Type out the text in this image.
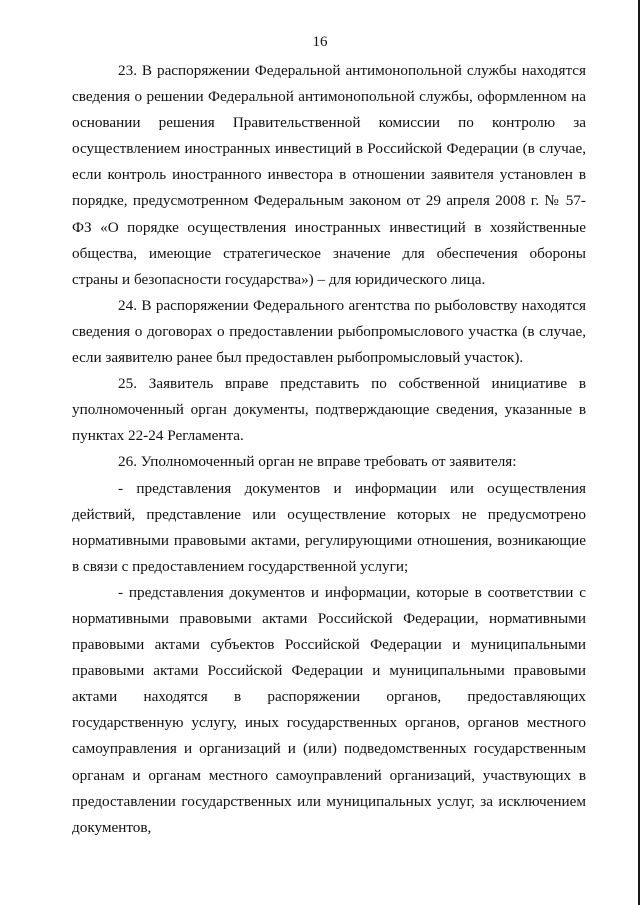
16

23. В распоряжении Федеральной антимонопольной службы находятся сведения о решении Федеральной антимонопольной службы, оформленном на основании решения Правительственной комиссии по контролю за осуществлением иностранных инвестиций в Российской Федерации (в случае, если контроль иностранного инвестора в отношении заявителя установлен в порядке, предусмотренном Федеральным законом от 29 апреля 2008 г. № 57-ФЗ «О порядке осуществления иностранных инвестиций в хозяйственные общества, имеющие стратегическое значение для обеспечения обороны страны и безопасности государства») – для юридического лица.

24. В распоряжении Федерального агентства по рыболовству находятся сведения о договорах о предоставлении рыбопромыслового участка (в случае, если заявителю ранее был предоставлен рыбопромысловый участок).

25. Заявитель вправе представить по собственной инициативе в уполномоченный орган документы, подтверждающие сведения, указанные в пунктах 22-24 Регламента.

26. Уполномоченный орган не вправе требовать от заявителя:

- представления документов и информации или осуществления действий, представление или осуществление которых не предусмотрено нормативными правовыми актами, регулирующими отношения, возникающие в связи с предоставлением государственной услуги;

- представления документов и информации, которые в соответствии с нормативными правовыми актами Российской Федерации, нормативными правовыми актами субъектов Российской Федерации и муниципальными правовыми актами Российской Федерации и муниципальными правовыми актами находятся в распоряжении органов, предоставляющих государственную услугу, иных государственных органов, органов местного самоуправления и организаций и (или) подведомственных государственным органам и органам местного самоуправлений организаций, участвующих в предоставлении государственных или муниципальных услуг, за исключением документов,
